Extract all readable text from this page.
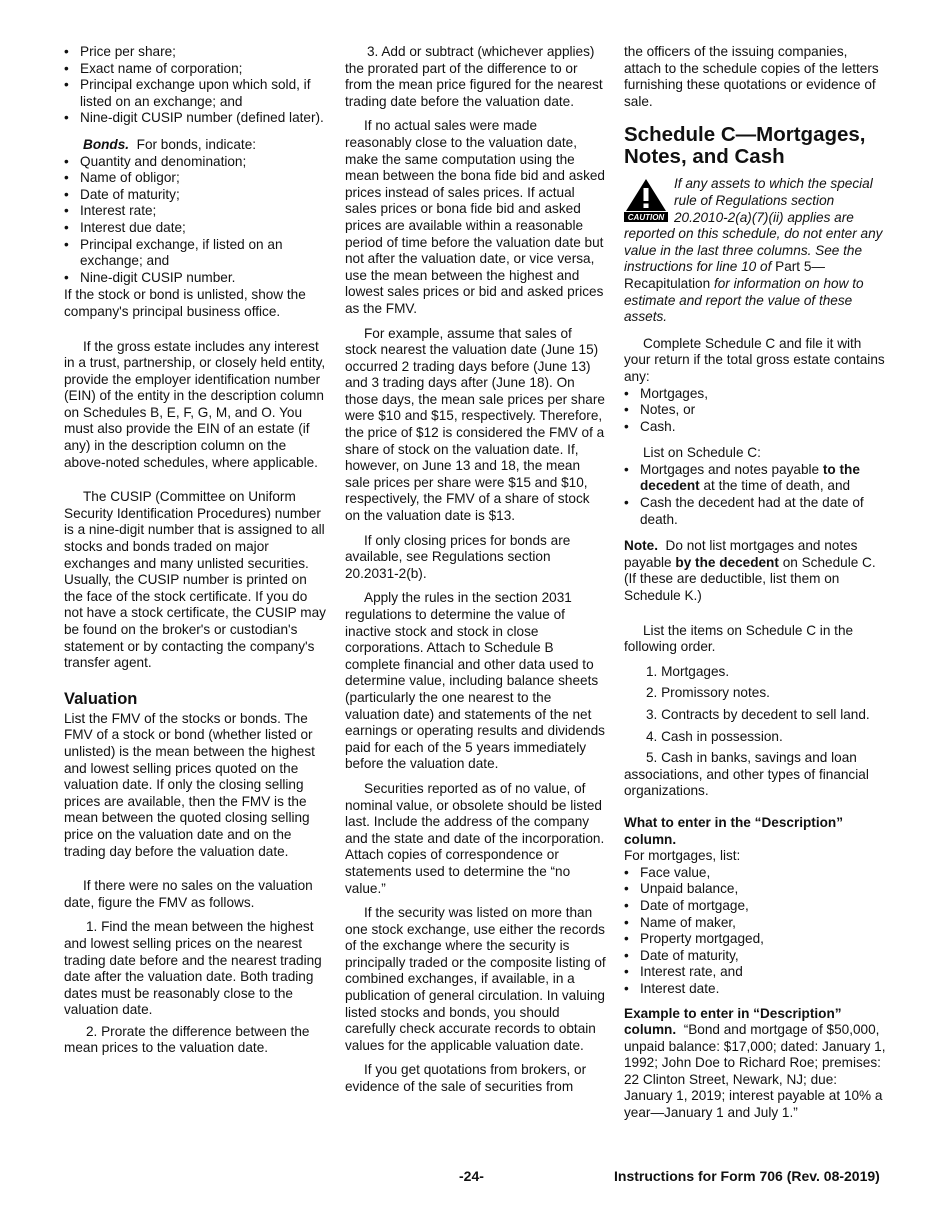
• Price per share;
• Exact name of corporation;
• Principal exchange upon which sold, if listed on an exchange; and
• Nine-digit CUSIP number (defined later).

Bonds. For bonds, indicate:

• Quantity and denomination;
• Name of obligor;
• Date of maturity;
• Interest rate;
• Interest due date;
• Principal exchange, if listed on an exchange; and
• Nine-digit CUSIP number.

If the stock or bond is unlisted, show the company's principal business office.

If the gross estate includes any interest in a trust, partnership, or closely held entity, provide the employer identification number (EIN) of the entity in the description column on Schedules B, E, F, G, M, and O. You must also provide the EIN of an estate (if any) in the description column on the above-noted schedules, where applicable.

The CUSIP (Committee on Uniform Security Identification Procedures) number is a nine-digit number that is assigned to all stocks and bonds traded on major exchanges and many unlisted securities. Usually, the CUSIP number is printed on the face of the stock certificate. If you do not have a stock certificate, the CUSIP may be found on the broker's or custodian's statement or by contacting the company's transfer agent.

Valuation

List the FMV of the stocks or bonds. The FMV of a stock or bond (whether listed or unlisted) is the mean between the highest and lowest selling prices quoted on the valuation date. If only the closing selling prices are available, then the FMV is the mean between the quoted closing selling price on the valuation date and on the trading day before the valuation date.

If there were no sales on the valuation date, figure the FMV as follows.

1. Find the mean between the highest and lowest selling prices on the nearest trading date before and the nearest trading date after the valuation date. Both trading dates must be reasonably close to the valuation date.

2. Prorate the difference between the mean prices to the valuation date.

3. Add or subtract (whichever applies) the prorated part of the difference to or from the mean price figured for the nearest trading date before the valuation date.

If no actual sales were made reasonably close to the valuation date, make the same computation using the mean between the bona fide bid and asked prices instead of sales prices. If actual sales prices or bona fide bid and asked prices are available within a reasonable period of time before the valuation date but not after the valuation date, or vice versa, use the mean between the highest and lowest sales prices or bid and asked prices as the FMV.

For example, assume that sales of stock nearest the valuation date (June 15) occurred 2 trading days before (June 13) and 3 trading days after (June 18). On those days, the mean sale prices per share were $10 and $15, respectively. Therefore, the price of $12 is considered the FMV of a share of stock on the valuation date. If, however, on June 13 and 18, the mean sale prices per share were $15 and $10, respectively, the FMV of a share of stock on the valuation date is $13.

If only closing prices for bonds are available, see Regulations section 20.2031-2(b).

Apply the rules in the section 2031 regulations to determine the value of inactive stock and stock in close corporations. Attach to Schedule B complete financial and other data used to determine value, including balance sheets (particularly the one nearest to the valuation date) and statements of the net earnings or operating results and dividends paid for each of the 5 years immediately before the valuation date.

Securities reported as of no value, of nominal value, or obsolete should be listed last. Include the address of the company and the state and date of the incorporation. Attach copies of correspondence or statements used to determine the “no value.”

If the security was listed on more than one stock exchange, use either the records of the exchange where the security is principally traded or the composite listing of combined exchanges, if available, in a publication of general circulation. In valuing listed stocks and bonds, you should carefully check accurate records to obtain values for the applicable valuation date.

If you get quotations from brokers, or evidence of the sale of securities from

the officers of the issuing companies, attach to the schedule copies of the letters furnishing these quotations or evidence of sale.

Schedule C—Mortgages, Notes, and Cash
CAUTION
If any assets to which the special rule of Regulations section 20.2010-2(a)(7)(ii) applies are reported on this schedule, do not enter any value in the last three columns. See the instructions for line 10 of Part 5—Recapitulation for information on how to estimate and report the value of these assets.

Complete Schedule C and file it with your return if the total gross estate contains any:

• Mortgages,
• Notes, or
• Cash.

List on Schedule C:

• Mortgages and notes payable to the decedent at the time of death, and
• Cash the decedent had at the date of death.

Note. Do not list mortgages and notes payable by the decedent on Schedule C. (If these are deductible, list them on Schedule K.)

List the items on Schedule C in the following order.

1. Mortgages.

2. Promissory notes.

3. Contracts by decedent to sell land.

4. Cash in possession.

5. Cash in banks, savings and loan associations, and other types of financial organizations.

What to enter in the “Description” column.

For mortgages, list:
• Face value,
• Unpaid balance,
• Date of mortgage,
• Name of maker,
• Property mortgaged,
• Date of maturity,
• Interest rate, and
• Interest date.

Example to enter in “Description” column. “Bond and mortgage of $50,000, unpaid balance: $17,000; dated: January 1, 1992; John Doe to Richard Roe; premises: 22 Clinton Street, Newark, NJ; due: January 1, 2019; interest payable at 10% a year—January 1 and July 1.”

-24-	Instructions for Form 706 (Rev. 08-2019)
